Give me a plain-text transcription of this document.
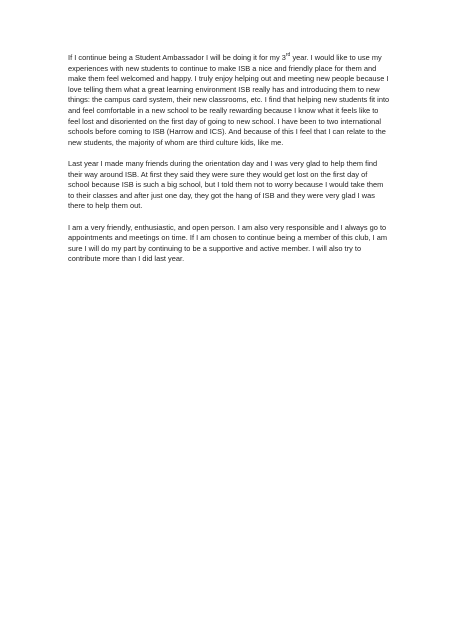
If I continue being a Student Ambassador I will be doing it for my 3rd year. I would like to use my experiences with new students to continue to make ISB a nice and friendly place for them and make them feel welcomed and happy. I truly enjoy helping out and meeting new people because I love telling them what a great learning environment ISB really has and introducing them to new things: the campus card system, their new classrooms, etc. I find that helping new students fit into and feel comfortable in a new school to be really rewarding because I know what it feels like to feel lost and disoriented on the first day of going to new school. I have been to two international schools before coming to ISB (Harrow and ICS). And because of this I feel that I can relate to the new students, the majority of whom are third culture kids, like me.

Last year I made many friends during the orientation day and I was very glad to help them find their way around ISB. At first they said they were sure they would get lost on the first day of school because ISB is such a big school, but I told them not to worry because I would take them to their classes and after just one day, they got the hang of ISB and they were very glad I was there to help them out.

I am a very friendly, enthusiastic, and open person. I am also very responsible and I always go to appointments and meetings on time. If I am chosen to continue being a member of this club, I am sure I will do my part by continuing to be a supportive and active member. I will also try to contribute more than I did last year.
